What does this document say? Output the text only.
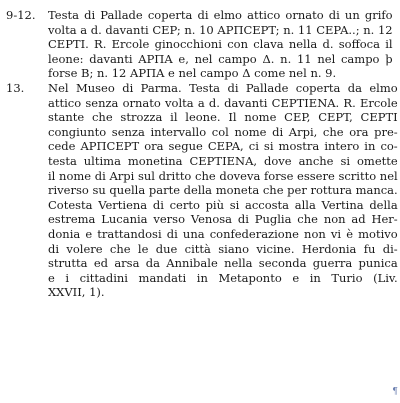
9-12.	Testa di Pallade coperta di elmo attico ornato di un grifo
volta a d. davanti CEP; n. 10 APΠCEPT; n. 11 CEPA..; n. 12
CEPTI. R. Ercole ginocchioni con clava nella d. soffoca il
leone: davanti APΠA e, nel campo Δ. n. 11 nel campo ϸ
forse B; n. 12 APΠA e nel campo Δ come nel n. 9.
13.	Nel Museo di Parma. Testa di Pallade coperta da elmo
attico senza ornato volta a d. davanti CEPTIENA. R. Ercole
stante che strozza il leone. Il nome CEP, CEPT, CEPTI
congiunto senza intervallo col nome di Arpi, che ora pre-
cede APΠCEPT ora segue CEPA, ci si mostra intero in co-
testa ultima monetina CEPTIENA, dove anche si omette
il nome di Arpi sul dritto che doveva forse essere scritto nel
riverso su quella parte della moneta che per rottura manca.
Cotesta Vertiena di certo più si accosta alla Vertina della
estrema Lucania verso Venosa di Puglia che non ad Her-
donia e trattandosi di una confederazione non vi è motivo
di volere che le due città siano vicine. Herdonia fu di-
strutta ed arsa da Annibale nella seconda guerra punica
e i cittadini mandati in Metaponto e in Turio (Liv.
XXVII, 1).
¶
